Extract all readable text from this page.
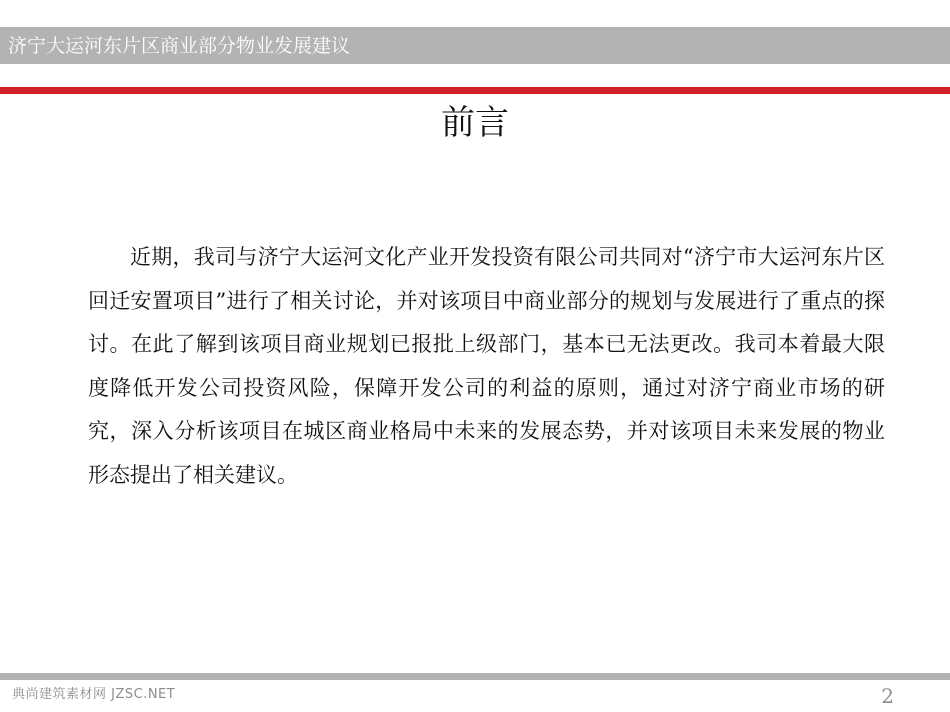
济宁大运河东片区商业部分物业发展建议
前言

近期，我司与济宁大运河文化产业开发投资有限公司共同对“济宁市大运河东片区回迁安置项目”进行了相关讨论，并对该项目中商业部分的规划与发展进行了重点的探讨。在此了解到该项目商业规划已报批上级部门，基本已无法更改。我司本着最大限度降低开发公司投资风险，保障开发公司的利益的原则，通过对济宁商业市场的研究，深入分析该项目在城区商业格局中未来的发展态势，并对该项目未来发展的物业形态提出了相关建议。

典尚建筑素材网 JZSC.NET	2
